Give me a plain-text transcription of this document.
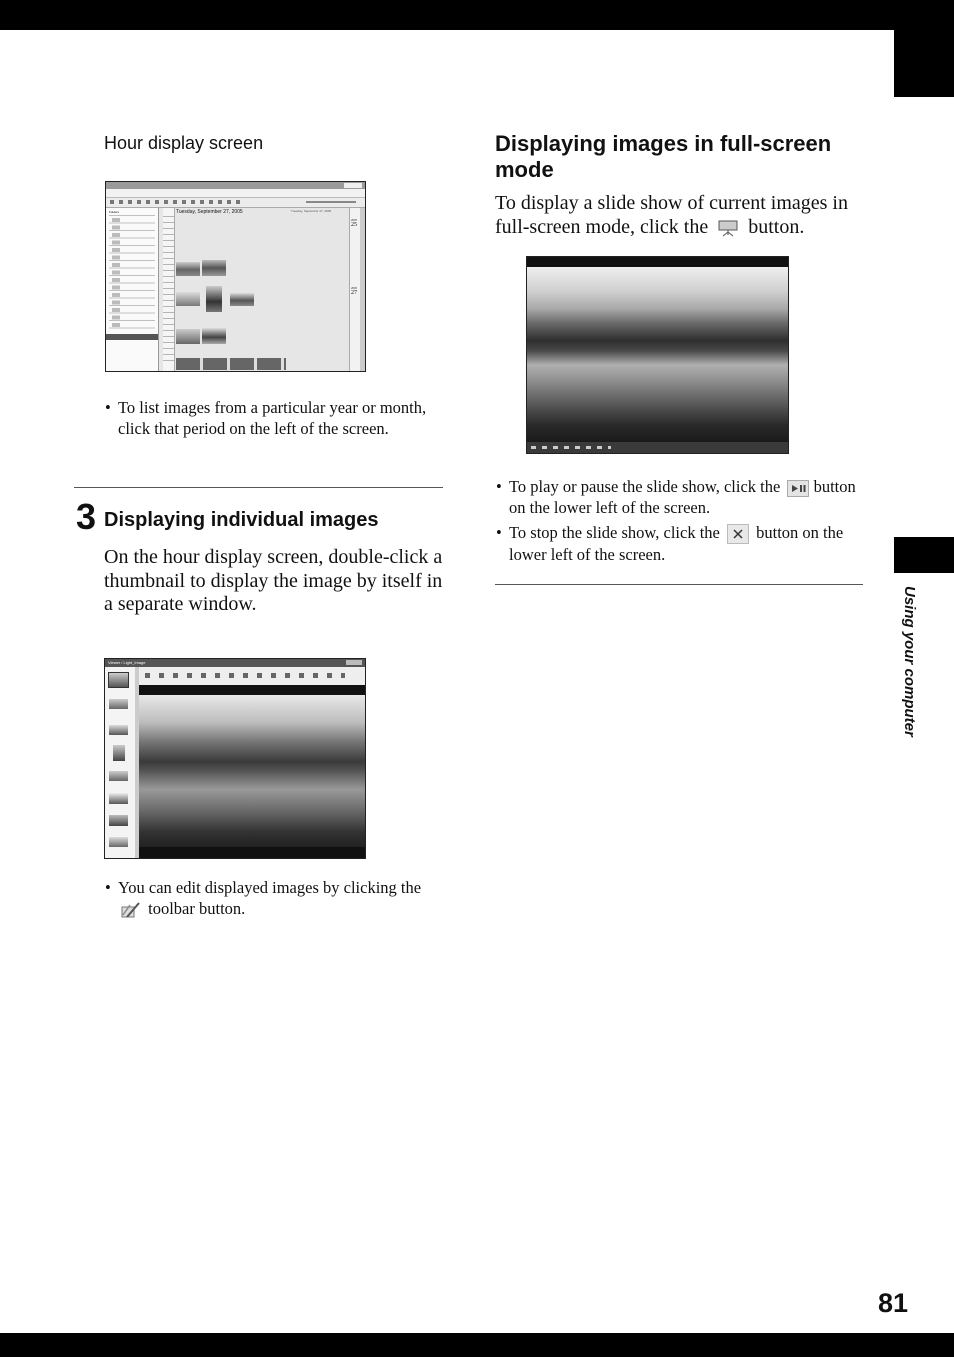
Using your computer
81
Hour display screen
Folders	Tuesday, September 27, 2005	Tuesday, September 27, 2005
2005
25
2005
27
• To list images from a particular year or month, click that period on the left of the screen.
3 Displaying individual images
On the hour display screen, double-click a thumbnail to display the image by itself in a separate window.
Viewer / Light_Image
• You can edit displayed images by clicking the  toolbar button.
Displaying images in full-screen mode
To display a slide show of current images in full-screen mode, click the button.
• To play or pause the slide show, click the button on the lower left of the screen.
• To stop the slide show, click the button on the lower left of the screen.
